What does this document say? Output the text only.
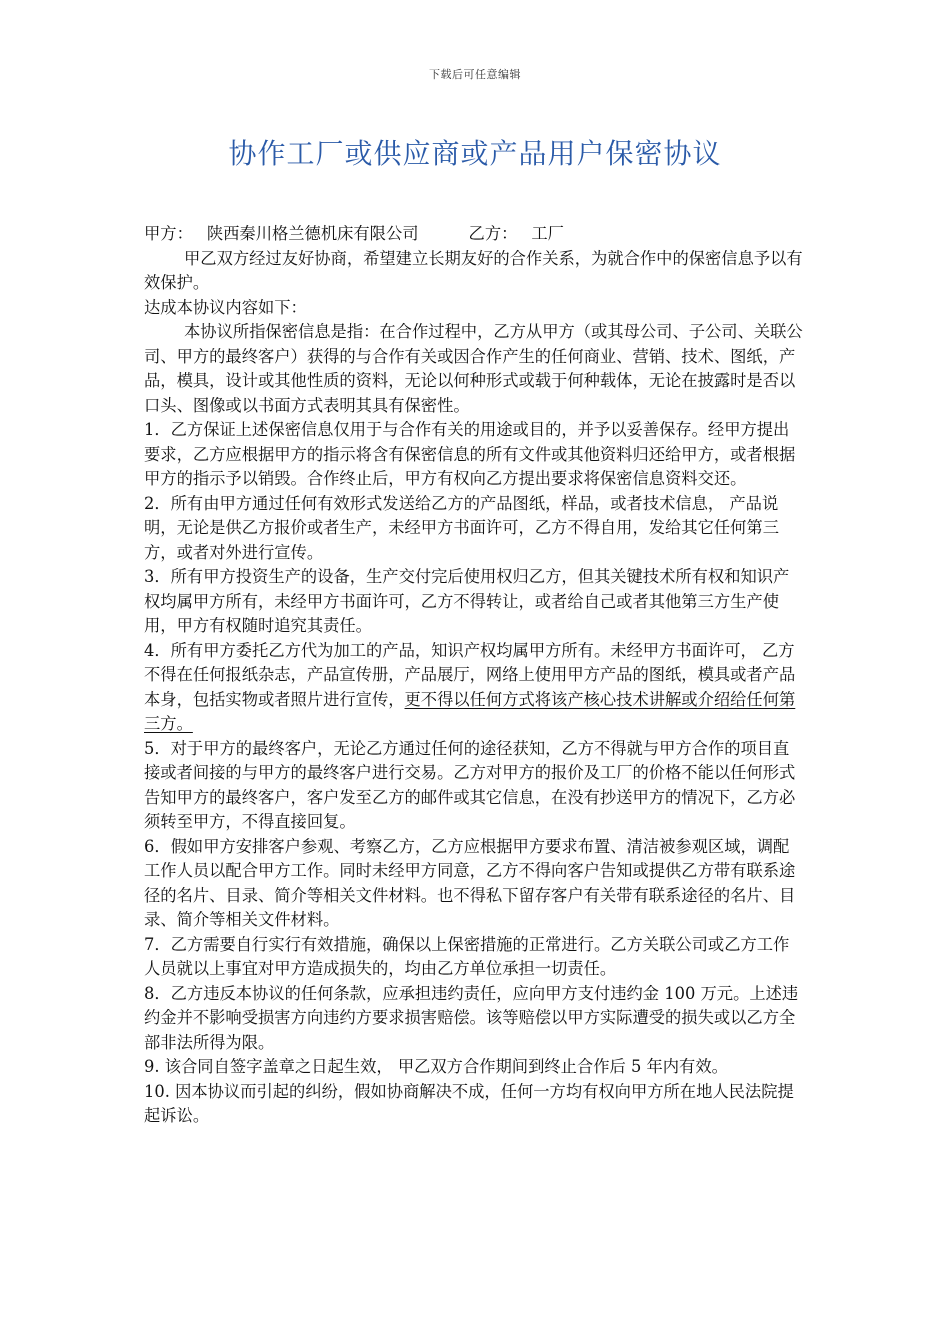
下载后可任意编辑
协作工厂或供应商或产品用户保密协议

甲方： 陕西秦川格兰德机床有限公司	乙方： 工厂

甲乙双方经过友好协商，希望建立长期友好的合作关系，为就合作中的保密信息予以有效保护。

达成本协议内容如下：

本协议所指保密信息是指：在合作过程中，乙方从甲方（或其母公司、子公司、关联公司、甲方的最终客户）获得的与合作有关或因合作产生的任何商业、营销、技术、图纸，产品，模具，设计或其他性质的资料，无论以何种形式或载于何种载体，无论在披露时是否以口头、图像或以书面方式表明其具有保密性。

1．乙方保证上述保密信息仅用于与合作有关的用途或目的，并予以妥善保存。经甲方提出要求，乙方应根据甲方的指示将含有保密信息的所有文件或其他资料归还给甲方，或者根据甲方的指示予以销毁。合作终止后，甲方有权向乙方提出要求将保密信息资料交还。

2．所有由甲方通过任何有效形式发送给乙方的产品图纸，样品，或者技术信息， 产品说明，无论是供乙方报价或者生产，未经甲方书面许可，乙方不得自用，发给其它任何第三方，或者对外进行宣传。

3．所有甲方投资生产的设备，生产交付完后使用权归乙方，但其关键技术所有权和知识产权均属甲方所有，未经甲方书面许可，乙方不得转让，或者给自己或者其他第三方生产使用，甲方有权随时追究其责任。

4．所有甲方委托乙方代为加工的产品，知识产权均属甲方所有。未经甲方书面许可， 乙方不得在任何报纸杂志，产品宣传册，产品展厅，网络上使用甲方产品的图纸，模具或者产品本身，包括实物或者照片进行宣传，更不得以任何方式将该产核心技术讲解或介绍给任何第三方。

5．对于甲方的最终客户，无论乙方通过任何的途径获知，乙方不得就与甲方合作的项目直接或者间接的与甲方的最终客户进行交易。乙方对甲方的报价及工厂的价格不能以任何形式告知甲方的最终客户，客户发至乙方的邮件或其它信息，在没有抄送甲方的情况下，乙方必须转至甲方，不得直接回复。

6．假如甲方安排客户参观、考察乙方，乙方应根据甲方要求布置、清洁被参观区域，调配工作人员以配合甲方工作。同时未经甲方同意，乙方不得向客户告知或提供乙方带有联系途径的名片、目录、简介等相关文件材料。也不得私下留存客户有关带有联系途径的名片、目录、简介等相关文件材料。

7．乙方需要自行实行有效措施，确保以上保密措施的正常进行。乙方关联公司或乙方工作人员就以上事宜对甲方造成损失的，均由乙方单位承担一切责任。

8．乙方违反本协议的任何条款，应承担违约责任，应向甲方支付违约金 100 万元。上述违约金并不影响受损害方向违约方要求损害赔偿。该等赔偿以甲方实际遭受的损失或以乙方全部非法所得为限。

9. 该合同自签字盖章之日起生效， 甲乙双方合作期间到终止合作后 5 年内有效。

10. 因本协议而引起的纠纷，假如协商解决不成，任何一方均有权向甲方所在地人民法院提起诉讼。
